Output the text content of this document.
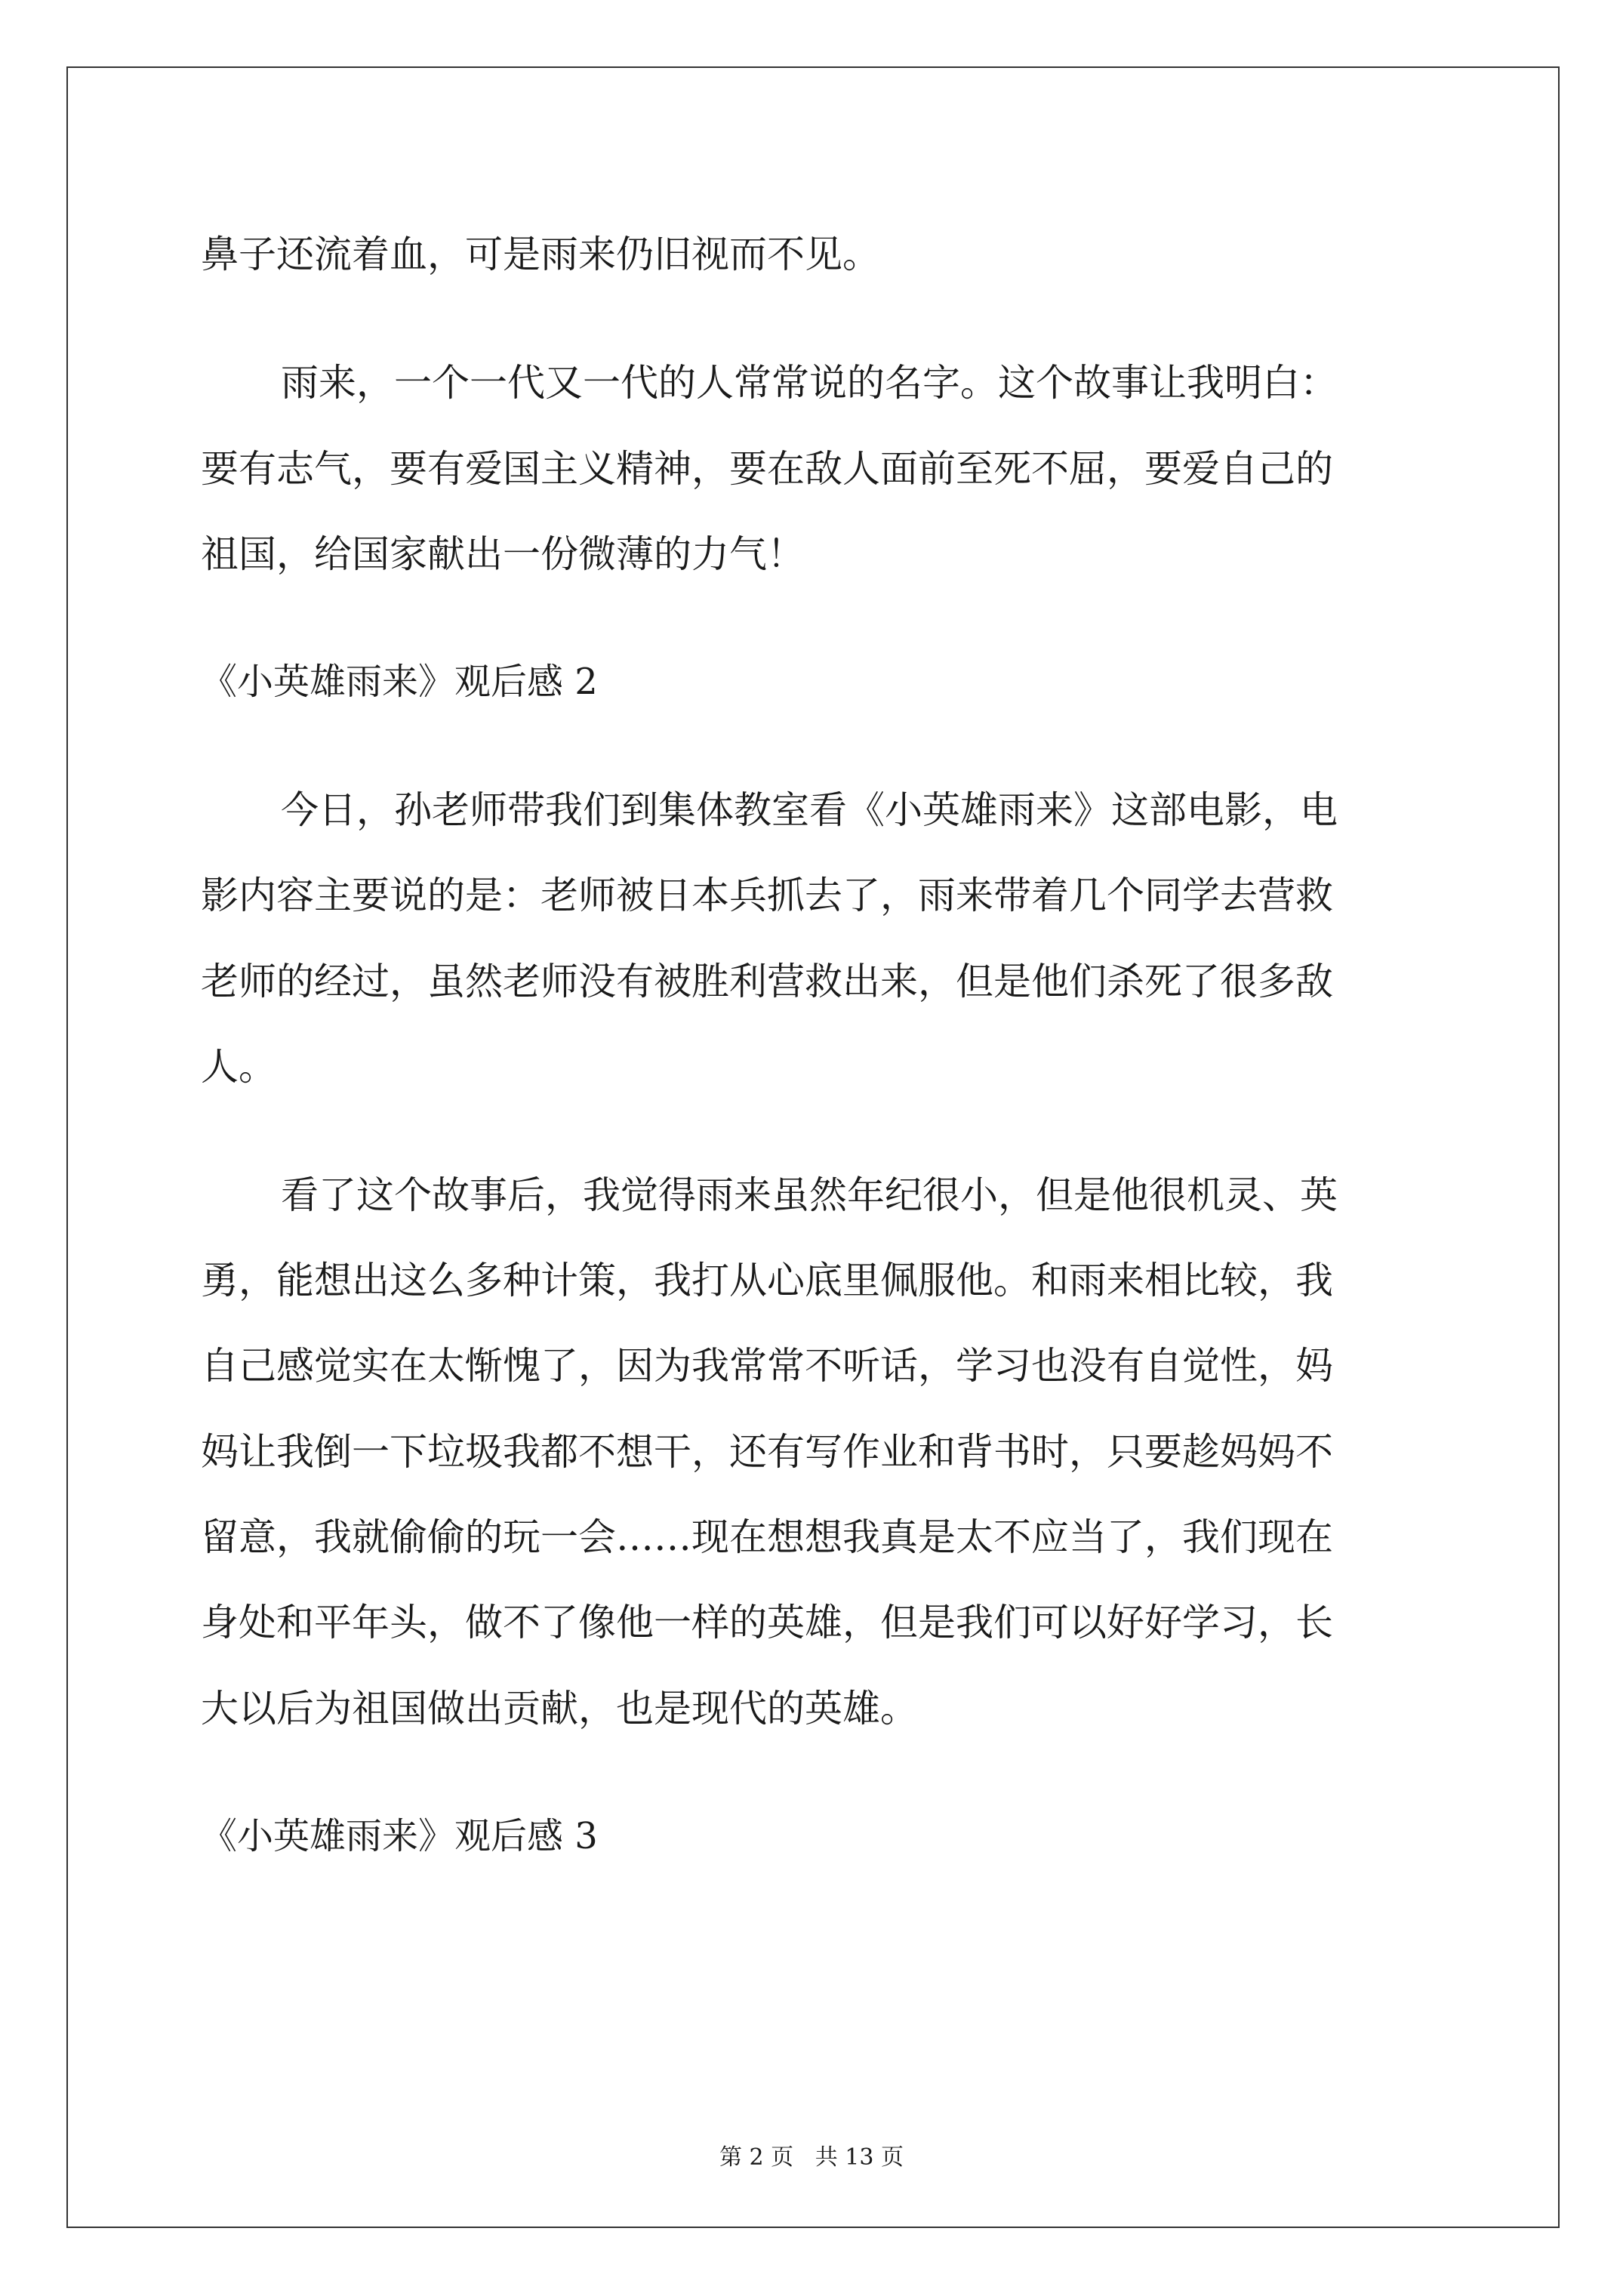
鼻子还流着血，可是雨来仍旧视而不见。
雨来，一个一代又一代的人常常说的名字。这个故事让我明白：
要有志气，要有爱国主义精神，要在敌人面前至死不屈，要爱自己的
祖国，给国家献出一份微薄的力气！
《小英雄雨来》观后感 2
今日，孙老师带我们到集体教室看《小英雄雨来》这部电影，电
影内容主要说的是：老师被日本兵抓去了，雨来带着几个同学去营救
老师的经过，虽然老师没有被胜利营救出来，但是他们杀死了很多敌
人。
看了这个故事后，我觉得雨来虽然年纪很小，但是他很机灵、英
勇，能想出这么多种计策，我打从心底里佩服他。和雨来相比较，我
自己感觉实在太惭愧了，因为我常常不听话，学习也没有自觉性，妈
妈让我倒一下垃圾我都不想干，还有写作业和背书时，只要趁妈妈不
留意，我就偷偷的玩一会……现在想想我真是太不应当了，我们现在
身处和平年头，做不了像他一样的英雄，但是我们可以好好学习，长
大以后为祖国做出贡献，也是现代的英雄。
《小英雄雨来》观后感 3
第 2 页 共 13 页
